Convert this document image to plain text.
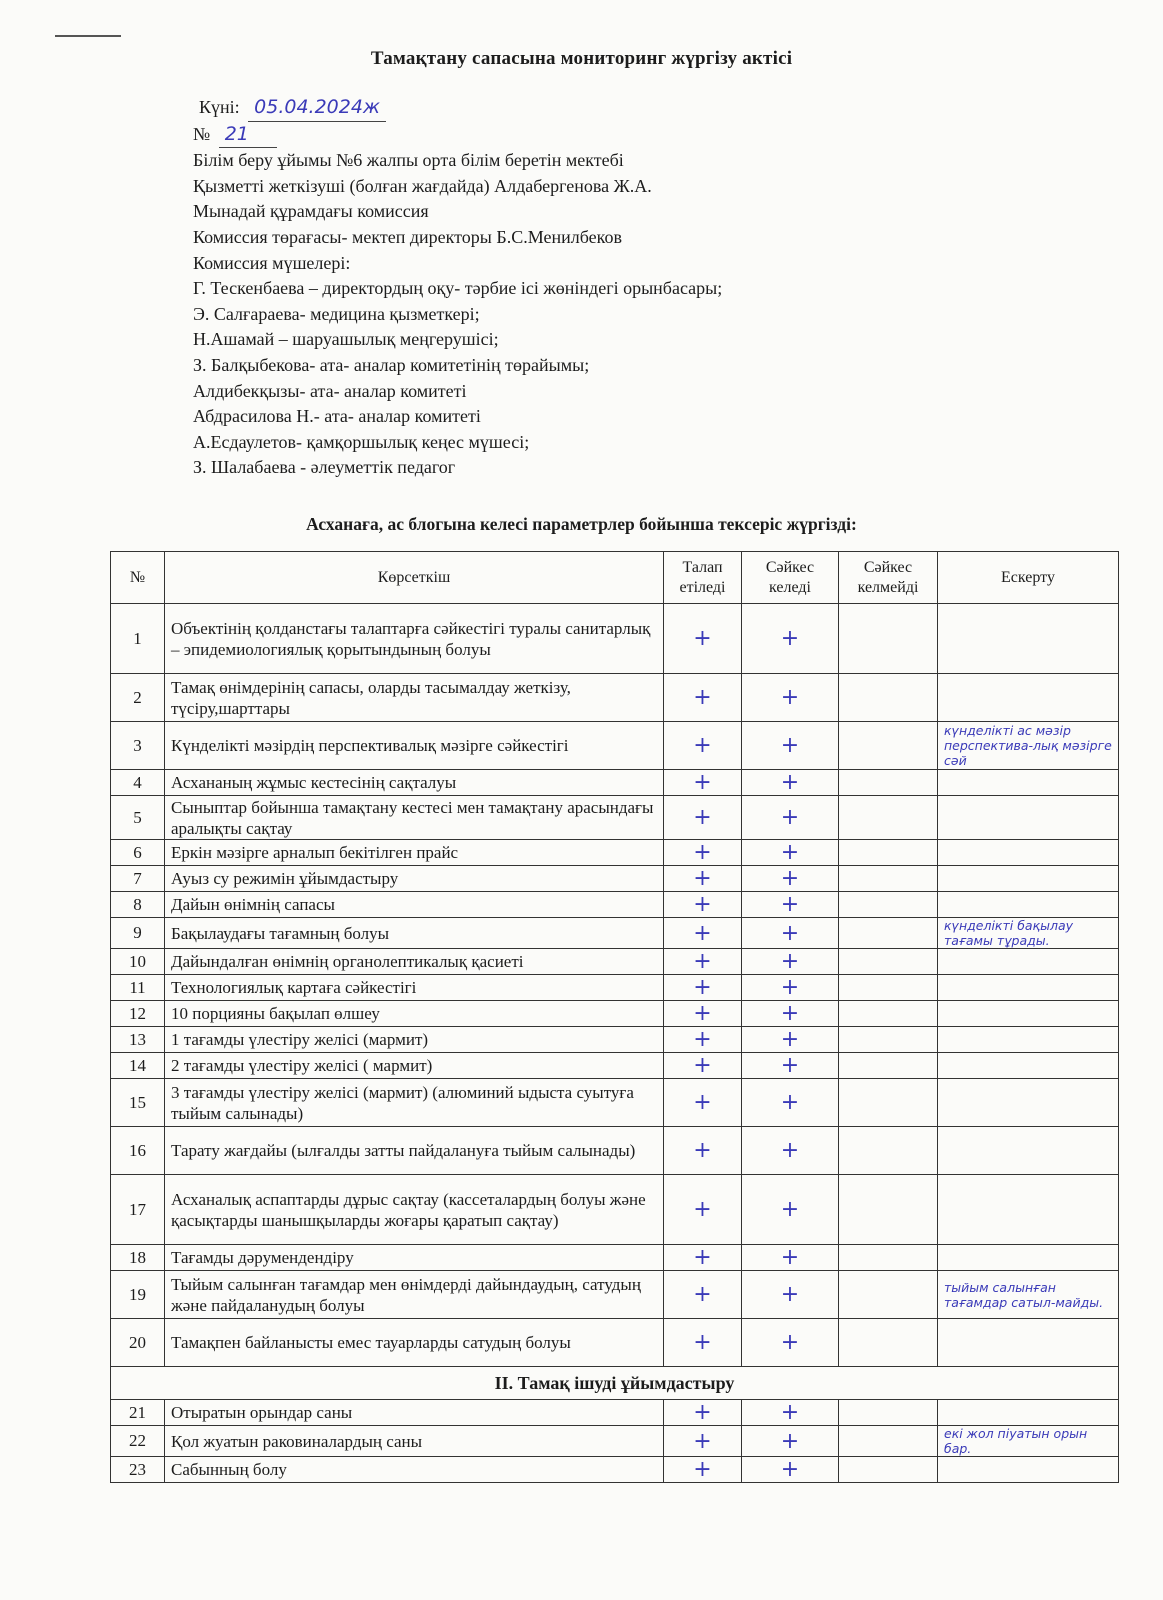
Тамақтану сапасына мониторинг жүргізу актісі
Күні: 05.04.2024ж
№ 21
Білім беру ұйымы №6 жалпы орта білім беретін мектебі
Қызметті жеткізуші (болған жағдайда) Алдабергенова Ж.А.
Мынадай құрамдағы комиссия
Комиссия төрағасы- мектеп директоры Б.С.Менилбеков
Комиссия мүшелері:
Г. Тескенбаева – директордың оқу- тәрбие ісі жөніндегі орынбасары;
Э. Салғараева- медицина қызметкері;
Н.Ашамай – шаруашылық меңгерушісі;
З. Балқыбекова- ата- аналар комитетінің төрайымы;
Алдибекқызы- ата- аналар комитеті
Абдрасилова Н.- ата- аналар комитеті
А.Есдаулетов- қамқоршылық кеңес мүшесі;
З. Шалабаева - әлеуметтік педагог
Асханаға, ас блогына келесі параметрлер бойынша тексеріс жүргізді:
№	Көрсеткіш	Талап етіледі	Сәйкес келеді	Сәйкес келмейді	Ескерту
1	Объектінің қолданстағы талаптарға сәйкестігі туралы санитарлық – эпидемиологиялық қорытындының болуы	+	+		
2	Тамақ өнімдерінің сапасы, оларды тасымалдау жеткізу, түсіру,шарттары	+	+		
3	Күнделікті мәзірдің перспективалық мәзірге сәйкестігі	+	+		күнделікті ас мәзір перспектива-лық мәзірге сәй
4	Асхананың жұмыс кестесінің сақталуы	+	+		
5	Сыныптар бойынша тамақтану кестесі мен тамақтану арасындағы аралықты сақтау	+	+		
6	Еркін мәзірге арналып бекітілген прайс	+	+		
7	Ауыз су режимін ұйымдастыру	+	+		
8	Дайын өнімнің сапасы	+	+		
9	Бақылаудағы тағамның болуы	+	+		күнделікті бақылау тағамы тұрады.
10	Дайындалған өнімнің органолептикалық қасиеті	+	+		
11	Технологиялық картаға сәйкестігі	+	+		
12	10 порцияны бақылап өлшеу	+	+		
13	1 тағамды үлестіру желісі (мармит)	+	+		
14	2 тағамды үлестіру желісі ( мармит)	+	+		
15	3 тағамды үлестіру желісі (мармит) (алюминий ыдыста суытуға тыйым салынады)	+	+		
16	Тарату жағдайы (ылғалды затты пайдалануға тыйым салынады)	+	+		
17	Асханалық аспаптарды дұрыс сақтау (кассеталардың болуы және қасықтарды шанышқыларды жоғары қаратып сақтау)	+	+		
18	Тағамды дәрумендендіру	+	+		
19	Тыйым салынған тағамдар мен өнімдерді дайындаудың, сатудың және пайдаланудың болуы	+	+		тыйым салынған тағамдар сатыл-майды.
20	Тамақпен байланысты емес тауарларды сатудың болуы	+	+		
II. Тамақ ішуді ұйымдастыру					
21	Отыратын орындар саны	+	+		
22	Қол жуатын раковиналардың саны	+	+		екі жол піуатын орын бар.
23	Сабынның болу	+	+		
